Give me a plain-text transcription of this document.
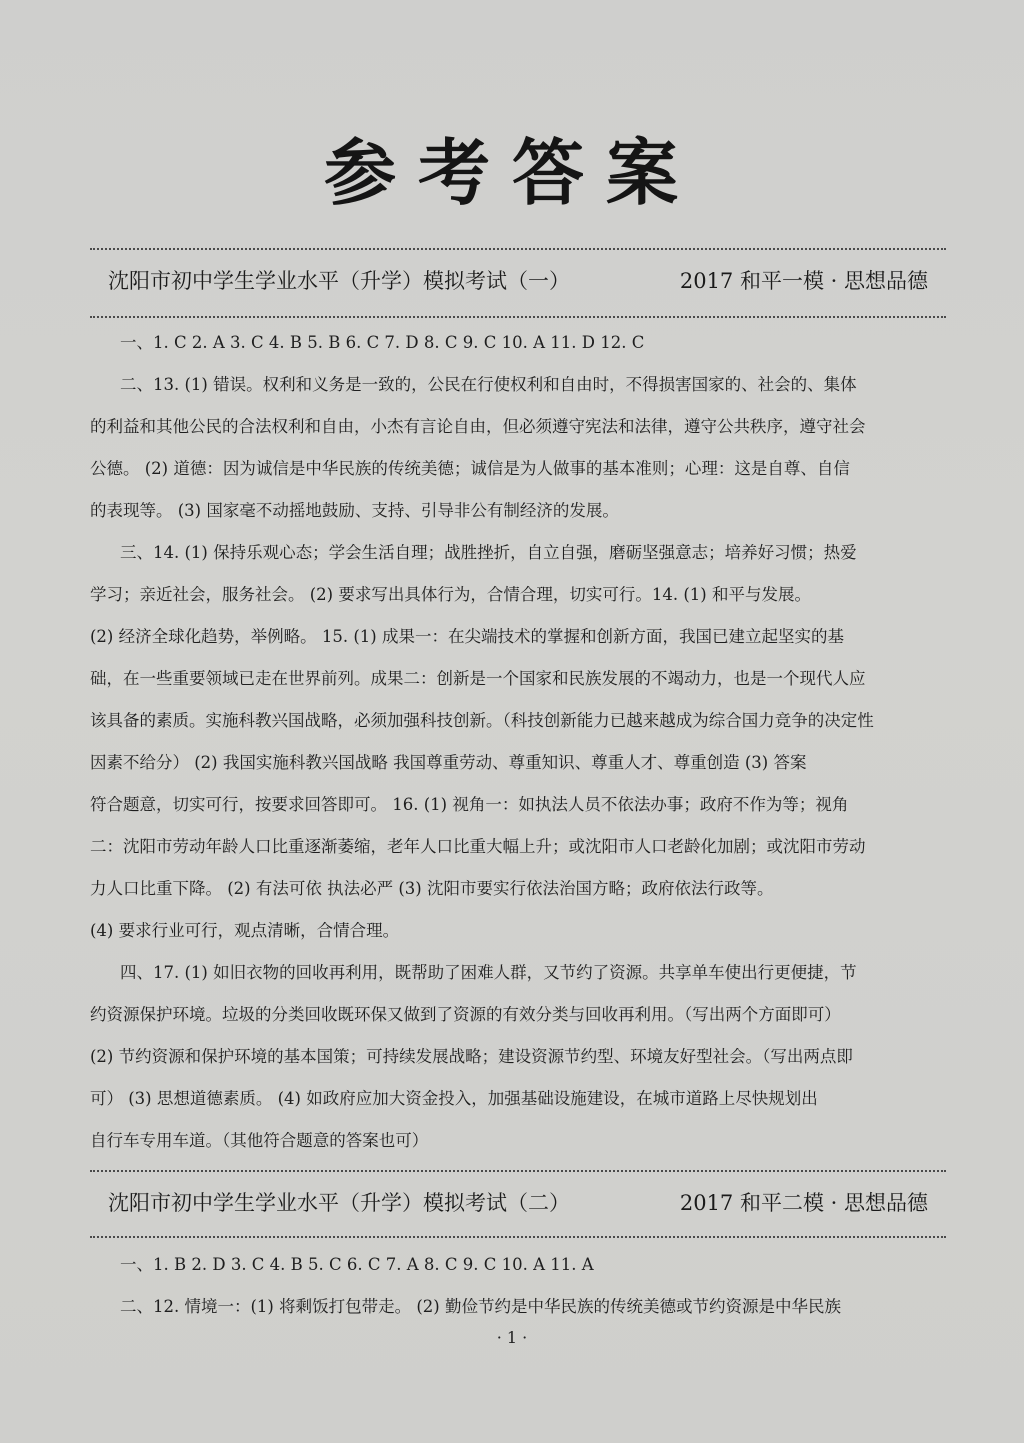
参考答案
沈阳市初中学生学业水平（升学）模拟考试（一）	2017 和平一模 · 思想品德
一、1. C 2. A 3. C 4. B 5. B 6. C 7. D 8. C 9. C 10. A 11. D 12. C
二、13. (1) 错误。权利和义务是一致的，公民在行使权利和自由时，不得损害国家的、社会的、集体
的利益和其他公民的合法权利和自由，小杰有言论自由，但必须遵守宪法和法律，遵守公共秩序，遵守社会
公德。 (2) 道德：因为诚信是中华民族的传统美德；诚信是为人做事的基本准则；心理：这是自尊、自信
的表现等。 (3) 国家毫不动摇地鼓励、支持、引导非公有制经济的发展。
三、14. (1) 保持乐观心态；学会生活自理；战胜挫折，自立自强，磨砺坚强意志；培养好习惯；热爱
学习；亲近社会，服务社会。 (2) 要求写出具体行为，合情合理，切实可行。14. (1) 和平与发展。
(2) 经济全球化趋势，举例略。 15. (1) 成果一：在尖端技术的掌握和创新方面，我国已建立起坚实的基
础，在一些重要领域已走在世界前列。成果二：创新是一个国家和民族发展的不竭动力，也是一个现代人应
该具备的素质。实施科教兴国战略，必须加强科技创新。（科技创新能力已越来越成为综合国力竞争的决定性
因素不给分） (2) 我国实施科教兴国战略 我国尊重劳动、尊重知识、尊重人才、尊重创造 (3) 答案
符合题意，切实可行，按要求回答即可。 16. (1) 视角一：如执法人员不依法办事；政府不作为等；视角
二：沈阳市劳动年龄人口比重逐渐萎缩，老年人口比重大幅上升；或沈阳市人口老龄化加剧；或沈阳市劳动
力人口比重下降。 (2) 有法可依 执法必严 (3) 沈阳市要实行依法治国方略；政府依法行政等。
(4) 要求行业可行，观点清晰，合情合理。
四、17. (1) 如旧衣物的回收再利用，既帮助了困难人群，又节约了资源。共享单车使出行更便捷，节
约资源保护环境。垃圾的分类回收既环保又做到了资源的有效分类与回收再利用。（写出两个方面即可）
(2) 节约资源和保护环境的基本国策；可持续发展战略；建设资源节约型、环境友好型社会。（写出两点即
可） (3) 思想道德素质。 (4) 如政府应加大资金投入，加强基础设施建设，在城市道路上尽快规划出
自行车专用车道。（其他符合题意的答案也可）
沈阳市初中学生学业水平（升学）模拟考试（二）	2017 和平二模 · 思想品德
一、1. B 2. D 3. C 4. B 5. C 6. C 7. A 8. C 9. C 10. A 11. A
二、12. 情境一：(1) 将剩饭打包带走。 (2) 勤俭节约是中华民族的传统美德或节约资源是中华民族
· 1 ·
